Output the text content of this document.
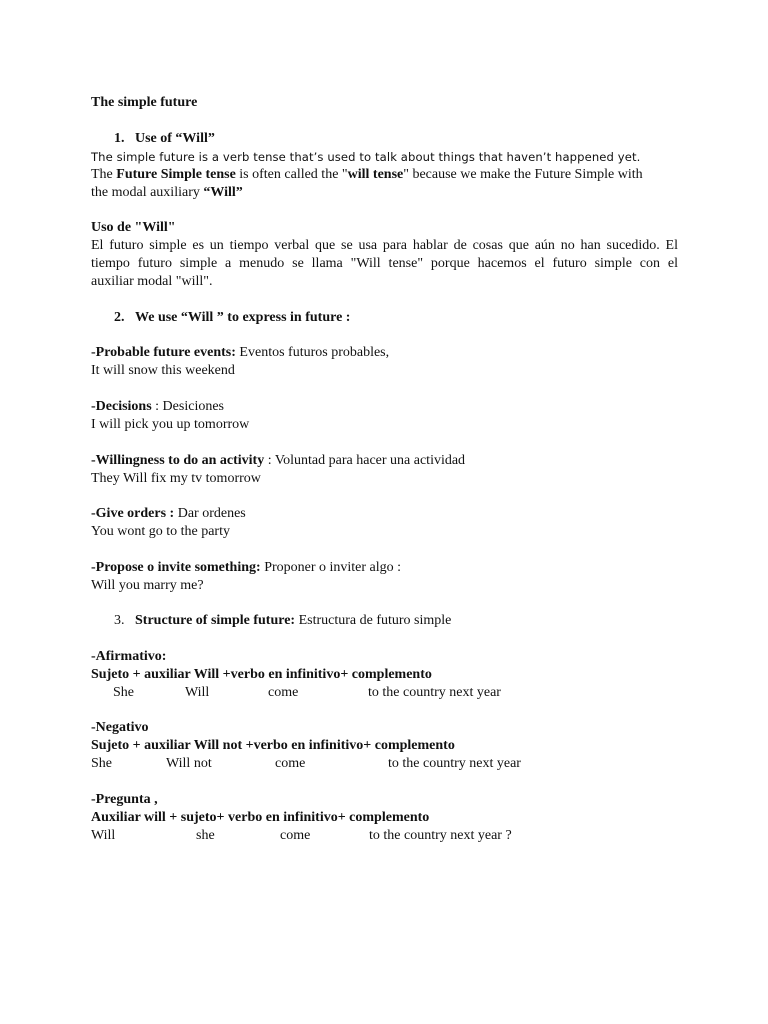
The simple future
1. Use of “Will”
The simple future is a verb tense that’s used to talk about things that haven’t happened yet.
The Future Simple tense is often called the "will tense" because we make the Future Simple with
the modal auxiliary “Will”
Uso de "Will"
El futuro simple es un tiempo verbal que se usa para hablar de cosas que aún no han sucedido. El
tiempo futuro simple a menudo se llama "Will tense" porque hacemos el futuro simple con el
auxiliar modal "will".
2. We use “Will ” to express in future :
-Probable future events: Eventos futuros probables,
It will snow this weekend
-Decisions : Desiciones
I will pick you up tomorrow
-Willingness to do an activity : Voluntad para hacer una actividad
They Will fix my tv tomorrow
-Give orders : Dar ordenes
You wont go to the party
-Propose o invite something: Proponer o inviter algo :
Will you marry me?
3. Structure of simple future: Estructura de futuro simple
-Afirmativo:
Sujeto + auxiliar Will +verbo en infinitivo+ complemento
She	Will	come	to the country next year
-Negativo
Sujeto + auxiliar Will not +verbo en infinitivo+ complemento
She	Will not	come	to the country next year
-Pregunta ,
Auxiliar will + sujeto+ verbo en infinitivo+ complemento
Will	she	come	to the country next year ?
